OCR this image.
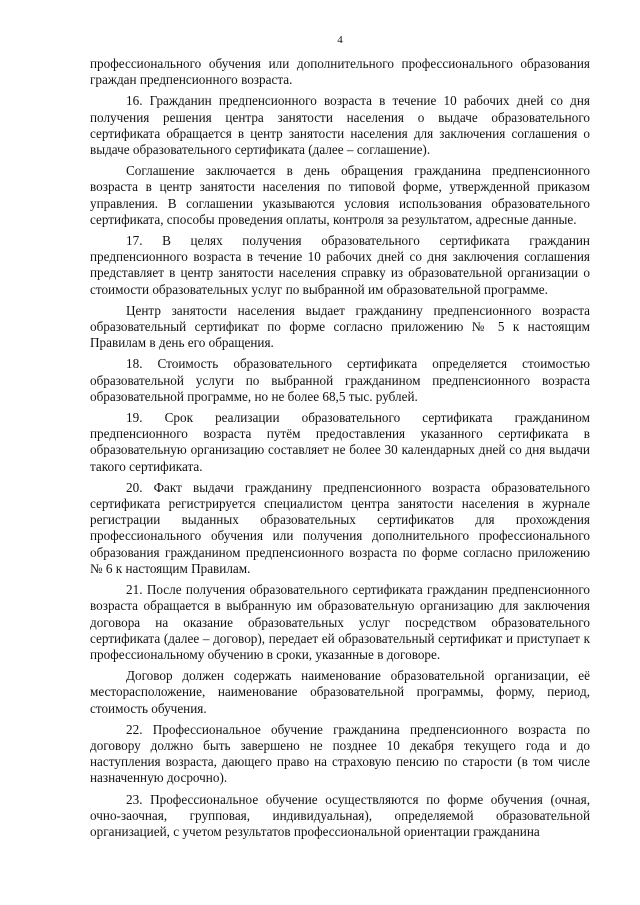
4

профессионального обучения или дополнительного профессионального образования граждан предпенсионного возраста.

16. Гражданин предпенсионного возраста в течение 10 рабочих дней со дня получения решения центра занятости населения о выдаче образовательного сертификата обращается в центр занятости населения для заключения соглашения о выдаче образовательного сертификата (далее – соглашение).

Соглашение заключается в день обращения гражданина предпенсионного возраста в центр занятости населения по типовой форме, утвержденной приказом управления. В соглашении указываются условия использования образовательного сертификата, способы проведения оплаты, контроля за результатом, адресные данные.

17. В целях получения образовательного сертификата гражданин предпенсионного возраста в течение 10 рабочих дней со дня заключения соглашения представляет в центр занятости населения справку из образовательной организации о стоимости образовательных услуг по выбранной им образовательной программе.

Центр занятости населения выдает гражданину предпенсионного возраста образовательный сертификат по форме согласно приложению № 5 к настоящим Правилам в день его обращения.

18. Стоимость образовательного сертификата определяется стоимостью образовательной услуги по выбранной гражданином предпенсионного возраста образовательной программе, но не более 68,5 тыс. рублей.

19. Срок реализации образовательного сертификата гражданином предпенсионного возраста путём предоставления указанного сертификата в образовательную организацию составляет не более 30 календарных дней со дня выдачи такого сертификата.

20. Факт выдачи гражданину предпенсионного возраста образовательного сертификата регистрируется специалистом центра занятости населения в журнале регистрации выданных образовательных сертификатов для прохождения профессионального обучения или получения дополнительного профессионального образования гражданином предпенсионного возраста по форме согласно приложению № 6 к настоящим Правилам.

21. После получения образовательного сертификата гражданин предпенсионного возраста обращается в выбранную им образовательную организацию для заключения договора на оказание образовательных услуг посредством образовательного сертификата (далее – договор), передает ей образовательный сертификат и приступает к профессиональному обучению в сроки, указанные в договоре.

Договор должен содержать наименование образовательной организации, её месторасположение, наименование образовательной программы, форму, период, стоимость обучения.

22. Профессиональное обучение гражданина предпенсионного возраста по договору должно быть завершено не позднее 10 декабря текущего года и до наступления возраста, дающего право на страховую пенсию по старости (в том числе назначенную досрочно).

23. Профессиональное обучение осуществляются по форме обучения (очная, очно-заочная, групповая, индивидуальная), определяемой образовательной организацией, с учетом результатов профессиональной ориентации гражданина
